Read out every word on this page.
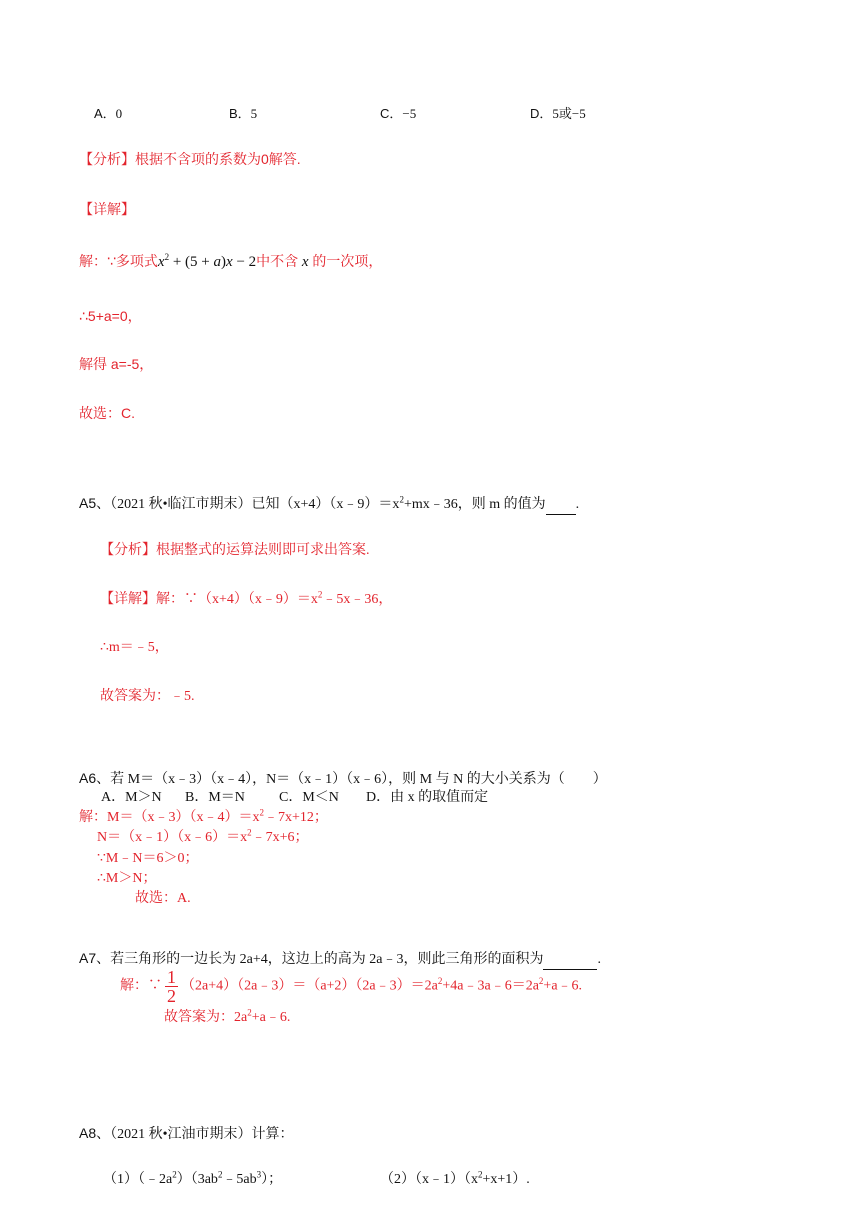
A．0	B．5	C．−5	D．5或−5
【分析】根据不含项的系数为0解答.
【详解】
解：∵多项式$x^2 + (5 + a)x - 2$中不含 x 的一次项，
∴5+a=0，
解得 a=-5，
故选：C.
A5、（2021 秋•临江市期末）已知$(x+4)(x﹣9)=x^2+mx﹣36$，则 m 的值为 .
【分析】根据整式的运算法则即可求出答案.
【详解】解：$\because(x+4)(x﹣9)=x^2﹣5x﹣36$，
∴m＝﹣5，
故答案为：﹣5.
A6、若 M＝（x﹣3）（x﹣4），N＝（x﹣1）（x﹣6），则 M 与 N 的大小关系为（　　）
A．M＞N B．M＝N C．M＜N D．由 x 的取值而定
解：$M=(x﹣3)(x﹣4)=x^2﹣7x+12$；
$N=(x﹣1)(x﹣6)=x^2﹣7x+6$；
∵M﹣N＝6＞0；
∴M＞N；
故选：A.
A7、若三角形的一边长为 2a+4，这边上的高为 2a﹣3，则此三角形的面积为	.
解：∵ $\frac{1}{2}$ $(2a+4)(2a﹣3)=(a+2)(2a﹣3)=2a^2+4a﹣3a﹣6=2a^2+a﹣6$.
故答案为：$2a^2+a﹣6$.
A8、（2021 秋•江油市期末）计算：
$(1)(﹣2a^2)(3ab^2﹣5ab^3)$；	$(2)(x﹣1)(x^2+x+1)$.
